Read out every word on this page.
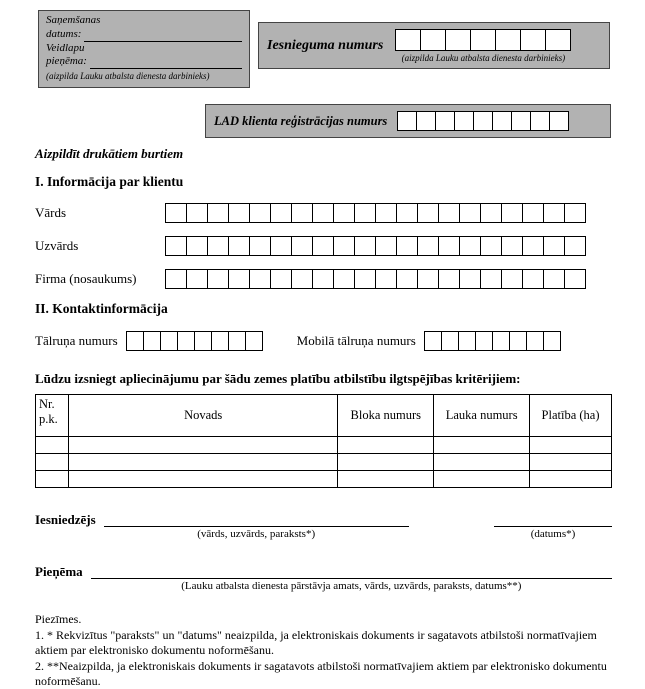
Saņemšanas
datums:
Veidlapu
pieņēma:
(aizpilda Lauku atbalsta dienesta darbinieks)
Iesnieguma numurs
(aizpilda Lauku atbalsta dienesta darbinieks)
LAD klienta reģistrācijas numurs
Aizpildīt drukātiem burtiem
I. Informācija par klientu
Vārds
Uzvārds
Firma (nosaukums)
II. Kontaktinformācija
Tālruņa numurs	Mobilā tālruņa numurs
Lūdzu izsniegt apliecinājumu par šādu zemes platību atbilstību ilgtspējības kritērijiem:
Nr. p.k.	Novads	Bloka numurs	Lauka numurs	Platība (ha)

Iesniedzējs
(vārds, uzvārds, paraksts*)	(datums*)
Pieņēma
(Lauku atbalsta dienesta pārstāvja amats, vārds, uzvārds, paraksts, datums**)
Piezīmes.
1. * Rekvizītus "paraksts" un "datums" neaizpilda, ja elektroniskais dokuments ir sagatavots atbilstoši normatīvajiem aktiem par elektronisko dokumentu noformēšanu.
2. **Neaizpilda, ja elektroniskais dokuments ir sagatavots atbilstoši normatīvajiem aktiem par elektronisko dokumentu noformēšanu.
